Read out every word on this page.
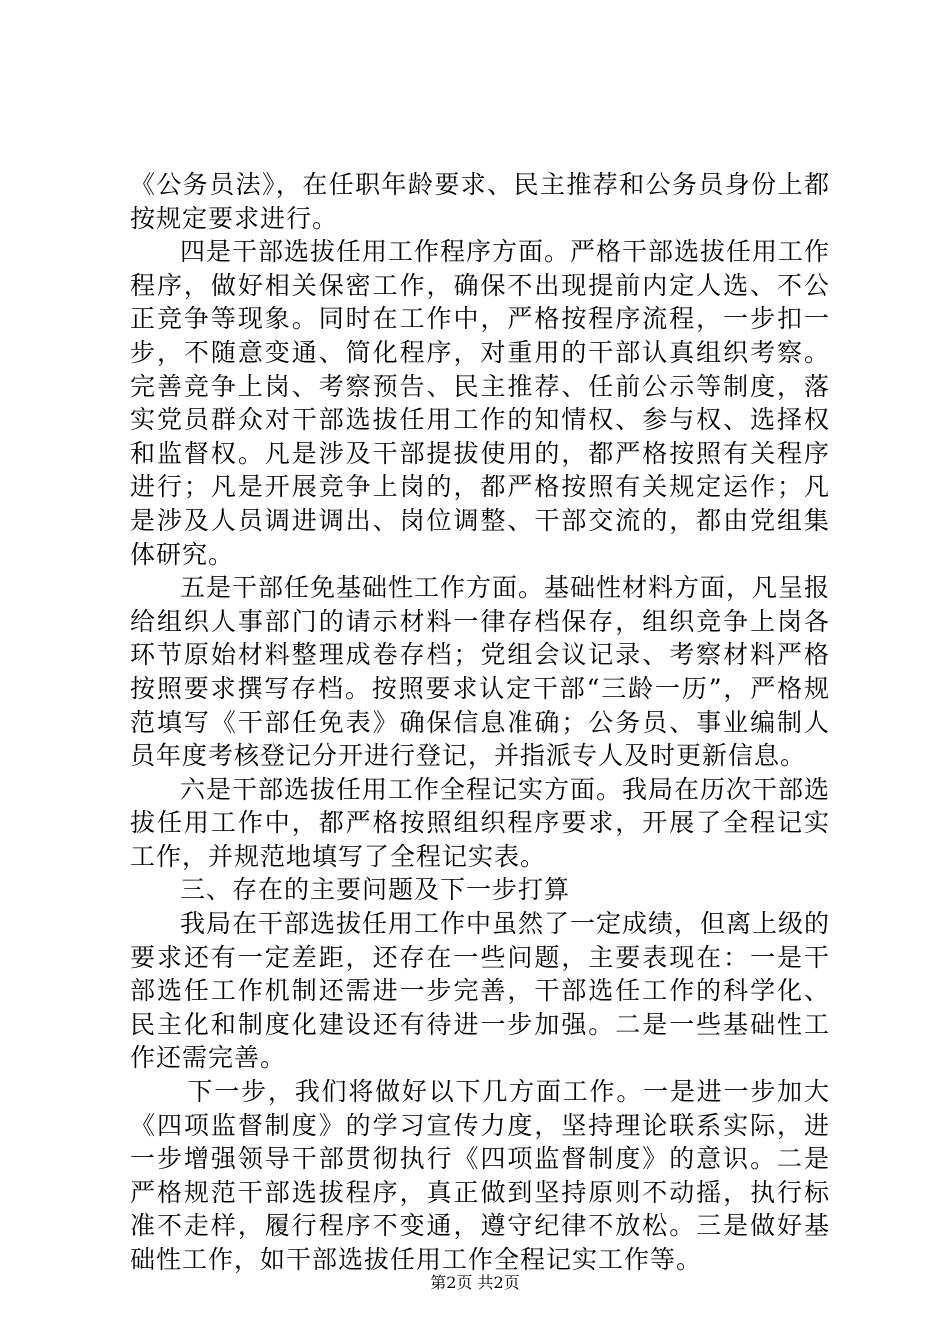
《公务员法》，在任职年龄要求、民主推荐和公务员身份上都按规定要求进行。

四是干部选拔任用工作程序方面。严格干部选拔任用工作程序，做好相关保密工作，确保不出现提前内定人选、不公正竞争等现象。同时在工作中，严格按程序流程，一步扣一步，不随意变通、简化程序，对重用的干部认真组织考察。完善竞争上岗、考察预告、民主推荐、任前公示等制度，落实党员群众对干部选拔任用工作的知情权、参与权、选择权和监督权。凡是涉及干部提拔使用的，都严格按照有关程序进行；凡是开展竞争上岗的，都严格按照有关规定运作；凡是涉及人员调进调出、岗位调整、干部交流的，都由党组集体研究。

五是干部任免基础性工作方面。基础性材料方面，凡呈报给组织人事部门的请示材料一律存档保存，组织竞争上岗各环节原始材料整理成卷存档；党组会议记录、考察材料严格按照要求撰写存档。按照要求认定干部“三龄一历”，严格规范填写《干部任免表》确保信息准确；公务员、事业编制人员年度考核登记分开进行登记，并指派专人及时更新信息。

六是干部选拔任用工作全程记实方面。我局在历次干部选拔任用工作中，都严格按照组织程序要求，开展了全程记实工作，并规范地填写了全程记实表。

三、存在的主要问题及下一步打算

我局在干部选拔任用工作中虽然了一定成绩，但离上级的要求还有一定差距，还存在一些问题，主要表现在：一是干部选任工作机制还需进一步完善，干部选任工作的科学化、民主化和制度化建设还有待进一步加强。二是一些基础性工作还需完善。

下一步，我们将做好以下几方面工作。一是进一步加大《四项监督制度》的学习宣传力度，坚持理论联系实际，进一步增强领导干部贯彻执行《四项监督制度》的意识。二是严格规范干部选拔程序，真正做到坚持原则不动摇，执行标准不走样，履行程序不变通，遵守纪律不放松。三是做好基础性工作，如干部选拔任用工作全程记实工作等。

第2页 共2页
